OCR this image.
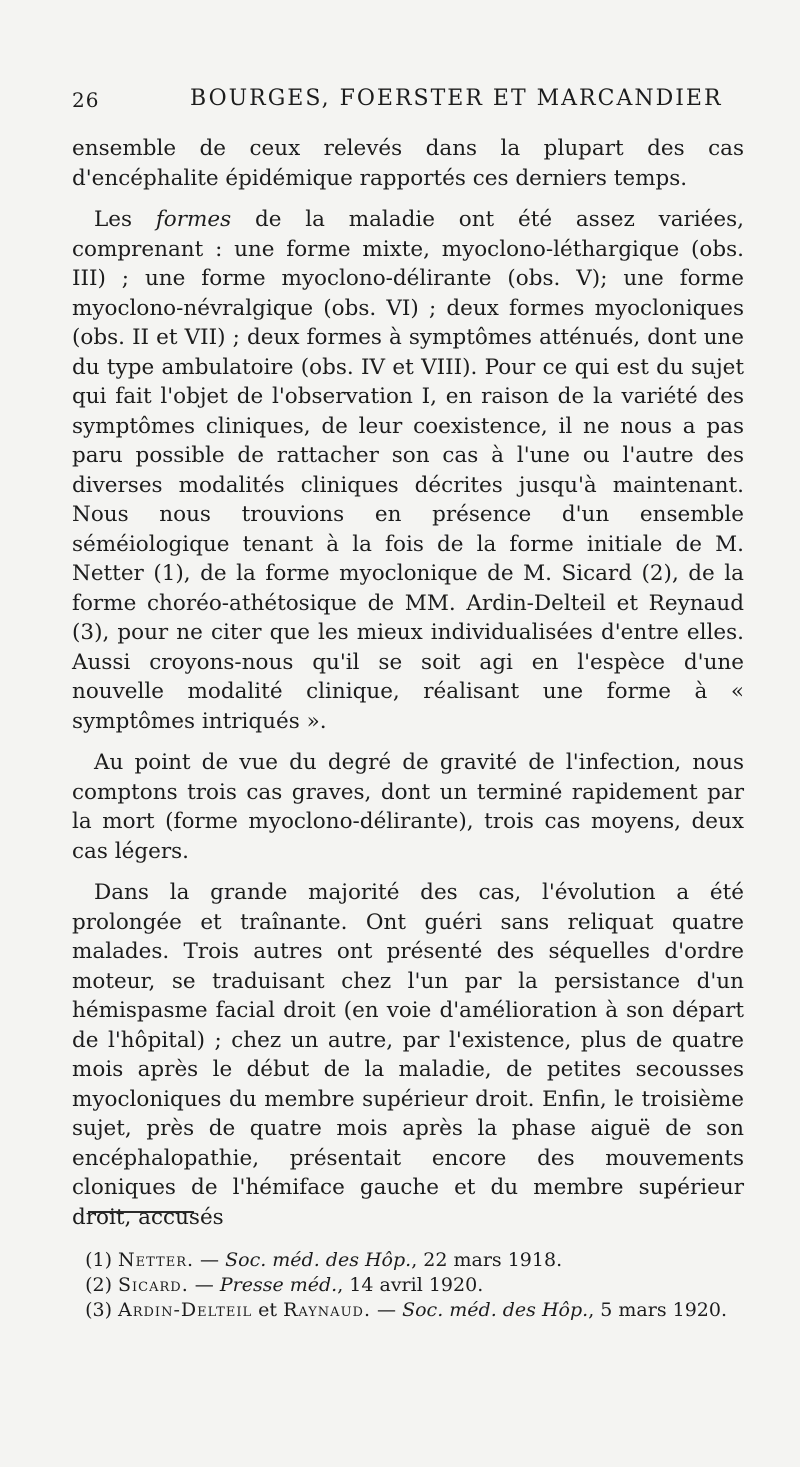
26	BOURGES, FOERSTER ET MARCANDIER

ensemble de ceux relevés dans la plupart des cas d'encéphalite épidémique rapportés ces derniers temps.

Les formes de la maladie ont été assez variées, comprenant : une forme mixte, myoclono-léthargique (obs. III) ; une forme myoclono-délirante (obs. V); une forme myoclono-névralgique (obs. VI) ; deux formes myocloniques (obs. II et VII) ; deux formes à symptômes atténués, dont une du type ambulatoire (obs. IV et VIII). Pour ce qui est du sujet qui fait l'objet de l'observation I, en raison de la variété des symptômes cliniques, de leur coexistence, il ne nous a pas paru possible de rattacher son cas à l'une ou l'autre des diverses modalités cliniques décrites jusqu'à maintenant. Nous nous trouvions en présence d'un ensemble séméiologique tenant à la fois de la forme initiale de M. Netter (1), de la forme myoclonique de M. Sicard (2), de la forme choréo-athétosique de MM. Ardin-Delteil et Reynaud (3), pour ne citer que les mieux individualisées d'entre elles. Aussi croyons-nous qu'il se soit agi en l'espèce d'une nouvelle modalité clinique, réalisant une forme à « symptômes intriqués ».

Au point de vue du degré de gravité de l'infection, nous comptons trois cas graves, dont un terminé rapidement par la mort (forme myoclono-délirante), trois cas moyens, deux cas légers.

Dans la grande majorité des cas, l'évolution a été prolongée et traînante. Ont guéri sans reliquat quatre malades. Trois autres ont présenté des séquelles d'ordre moteur, se traduisant chez l'un par la persistance d'un hémispasme facial droit (en voie d'amélioration à son départ de l'hôpital) ; chez un autre, par l'existence, plus de quatre mois après le début de la maladie, de petites secousses myocloniques du membre supérieur droit. Enfin, le troisième sujet, près de quatre mois après la phase aiguë de son encéphalopathie, présentait encore des mouvements cloniques de l'hémiface gauche et du membre supérieur droit, accusés

(1) Netter. — Soc. méd. des Hôp., 22 mars 1918.

(2) Sicard. — Presse méd., 14 avril 1920.

(3) Ardin-Delteil et Raynaud. — Soc. méd. des Hôp., 5 mars 1920.
